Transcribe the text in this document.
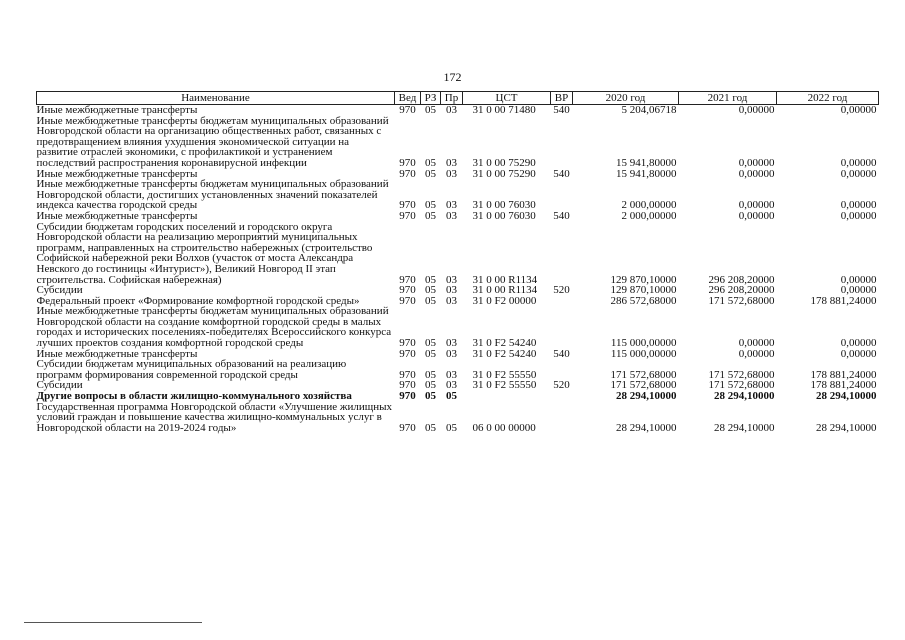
172
Наименование	Вед	РЗ	Пр	ЦСТ	ВР	2020 год	2021 год	2022 год
Иные межбюджетные трансферты	970	05	03	31 0 00 71480	540	5 204,06718	0,00000	0,00000
Иные межбюджетные трансферты бюджетам муниципальных образований Новгородской области на организацию общественных работ, связанных с предотвращением влияния ухудшения экономической ситуации на развитие отраслей экономики, с профилактикой и устранением последствий распространения коронавирусной инфекции	970	05	03	31 0 00 75290		15 941,80000	0,00000	0,00000
Иные межбюджетные трансферты	970	05	03	31 0 00 75290	540	15 941,80000	0,00000	0,00000
Иные межбюджетные трансферты бюджетам муниципальных образований Новгородской области, достигших установленных значений показателей индекса качества городской среды	970	05	03	31 0 00 76030		2 000,00000	0,00000	0,00000
Иные межбюджетные трансферты	970	05	03	31 0 00 76030	540	2 000,00000	0,00000	0,00000
Субсидии бюджетам городских поселений и городского округа Новгородской области на реализацию мероприятий муниципальных программ, направленных на строительство набережных (строительство Софийской набережной реки Волхов (участок от моста Александра Невского до гостиницы «Интурист»), Великий Новгород II этап строительства. Софийская набережная)	970	05	03	31 0 00 R1134		129 870,10000	296 208,20000	0,00000
Субсидии	970	05	03	31 0 00 R1134	520	129 870,10000	296 208,20000	0,00000
Федеральный проект «Формирование комфортной городской среды»	970	05	03	31 0 F2 00000		286 572,68000	171 572,68000	178 881,24000
Иные межбюджетные трансферты бюджетам муниципальных образований Новгородской области на создание комфортной городской среды в малых городах и исторических поселениях-победителях Всероссийского конкурса лучших проектов создания комфортной городской среды	970	05	03	31 0 F2 54240		115 000,00000	0,00000	0,00000
Иные межбюджетные трансферты	970	05	03	31 0 F2 54240	540	115 000,00000	0,00000	0,00000
Субсидии бюджетам муниципальных образований на реализацию программ формирования современной городской среды	970	05	03	31 0 F2 55550		171 572,68000	171 572,68000	178 881,24000
Субсидии	970	05	03	31 0 F2 55550	520	171 572,68000	171 572,68000	178 881,24000
Другие вопросы в области жилищно-коммунального хозяйства	970	05	05			28 294,10000	28 294,10000	28 294,10000
Государственная программа Новгородской области «Улучшение жилищных условий граждан и повышение качества жилищно-коммунальных услуг в Новгородской области на 2019-2024 годы»	970	05	05	06 0 00 00000		28 294,10000	28 294,10000	28 294,10000
